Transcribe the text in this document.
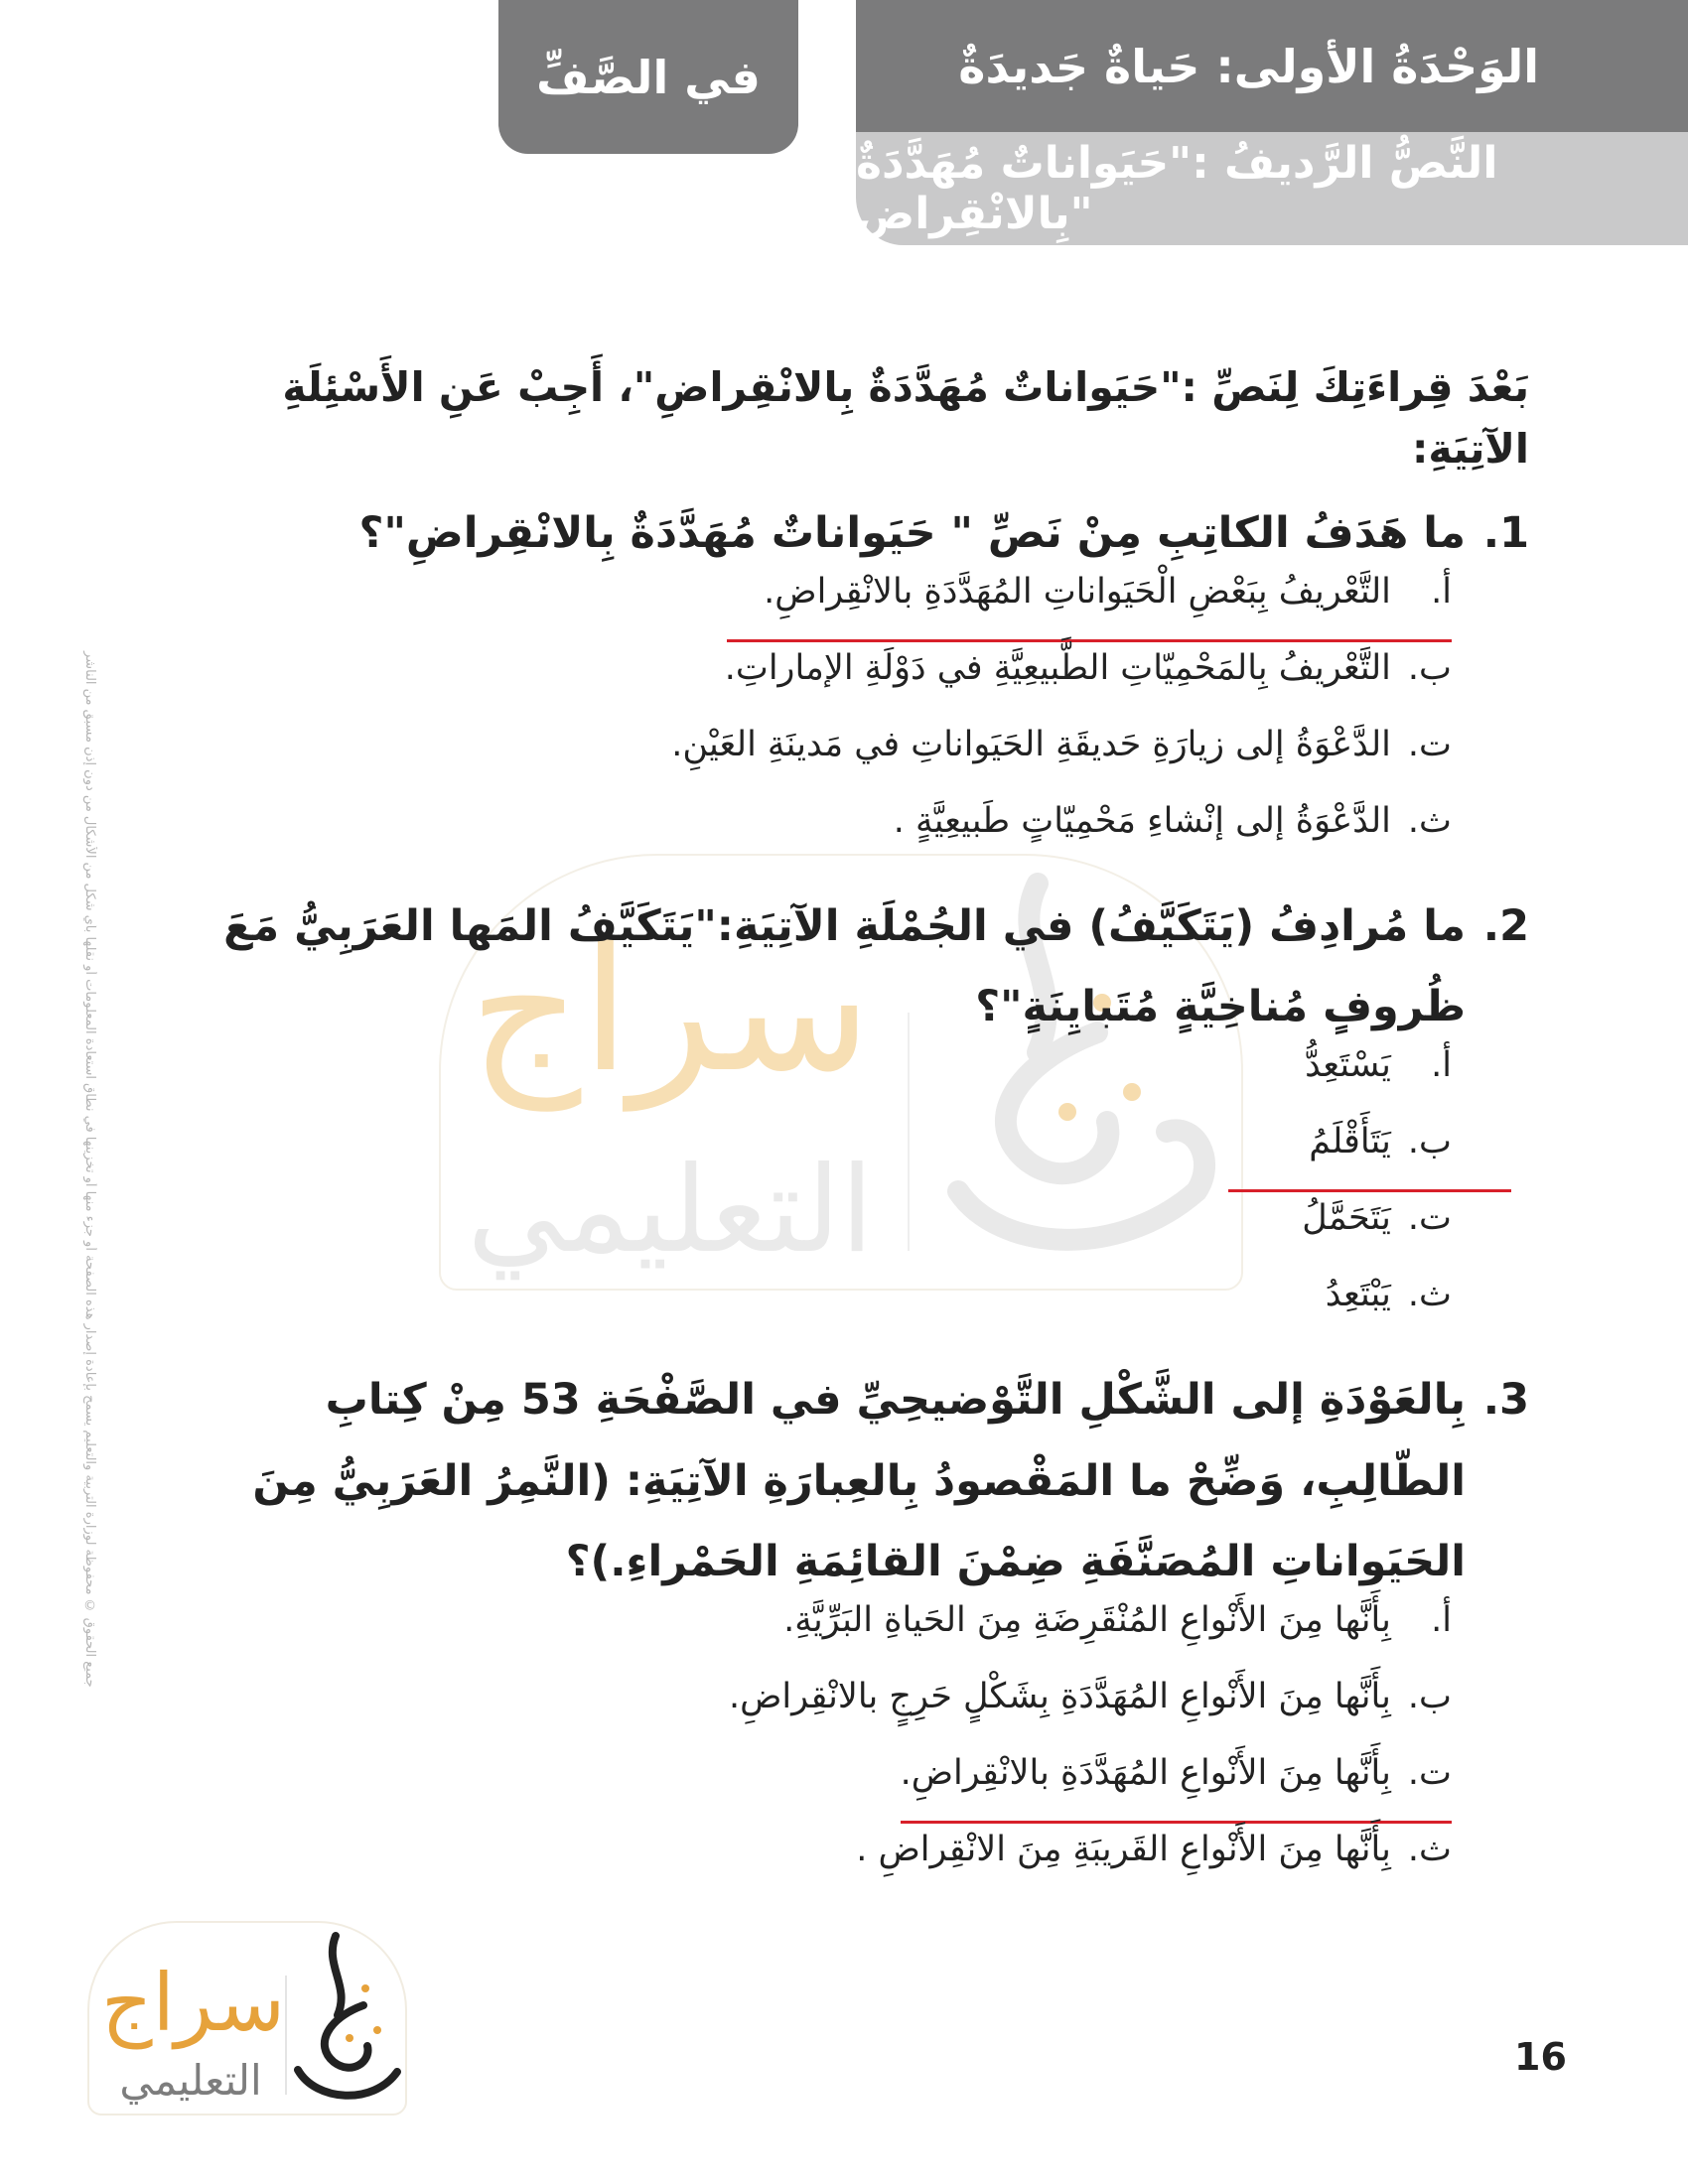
الوَحْدَةُ الأولى: حَياةٌ جَديدَةٌ
النَّصُّ الرَّديفُ :"حَيَواناتٌ مُهَدَّدَةٌ بِالانْقِراضِ"
في الصَّفِّ
سراج
التعليمي
جميع الحقوق © محفوظة لوزارة التربية والتعليم يسمح بإعادة إصدار هذه الصفحة أو جزء منها أو تخزينها في نطاق استعادة المعلومات أو نقلها بأي شكل من الأشكال من دون إذن مسبق من الناشر
بَعْدَ قِراءَتِكَ لِنَصِّ :"حَيَواناتٌ مُهَدَّدَةٌ بِالانْقِراضِ"، أَجِبْ عَنِ الأَسْئِلَةِ الآتِيَةِ:
1.
ما هَدَفُ الكاتِبِ مِنْ نَصِّ " حَيَواناتٌ مُهَدَّدَةٌ بِالانْقِراضِ"؟
أ. التَّعْريفُ بِبَعْضِ الْحَيَواناتِ المُهَدَّدَةِ بالانْقِراضِ.
ب. التَّعْريفُ بِالمَحْمِيّاتِ الطَّبيعِيَّةِ في دَوْلَةِ الإماراتِ.
ت. الدَّعْوَةُ إلى زيارَةِ حَديقَةِ الحَيَواناتِ في مَدينَةِ العَيْنِ.
ث. الدَّعْوَةُ إلى إنْشاءِ مَحْمِيّاتٍ طَبيعِيَّةٍ .
2.
ما مُرادِفُ (يَتَكَيَّفُ) في الجُمْلَةِ الآتِيَةِ:"يَتَكَيَّفُ المَها العَرَبِيُّ مَعَ ظُروفٍ مُناخِيَّةٍ مُتَبايِنَةٍ"؟
أ. يَسْتَعِدُّ
ب. يَتَأَقْلَمُ
ت. يَتَحَمَّلُ
ث. يَبْتَعِدُ
3.
بِالعَوْدَةِ إلى الشَّكْلِ التَّوْضيحِيِّ في الصَّفْحَةِ 53 مِنْ كِتابِ الطّالِبِ، وَضِّحْ ما المَقْصودُ بِالعِبارَةِ الآتِيَةِ: (النَّمِرُ العَرَبِيُّ مِنَ الحَيَواناتِ المُصَنَّفَةِ ضِمْنَ القائِمَةِ الحَمْراءِ.)؟
أ. بِأَنَّها مِنَ الأَنْواعِ المُنْقَرِضَةِ مِنَ الحَياةِ البَرِّيَّةِ.
ب. بِأَنَّها مِنَ الأَنْواعِ المُهَدَّدَةِ بِشَكْلٍ حَرِجٍ بالانْقِراضِ.
ت. بِأَنَّها مِنَ الأَنْواعِ المُهَدَّدَةِ بالانْقِراضِ.
ث. بِأَنَّها مِنَ الأَنْواعِ القَريبَةِ مِنَ الانْقِراضِ .
سراج
التعليمي	16
